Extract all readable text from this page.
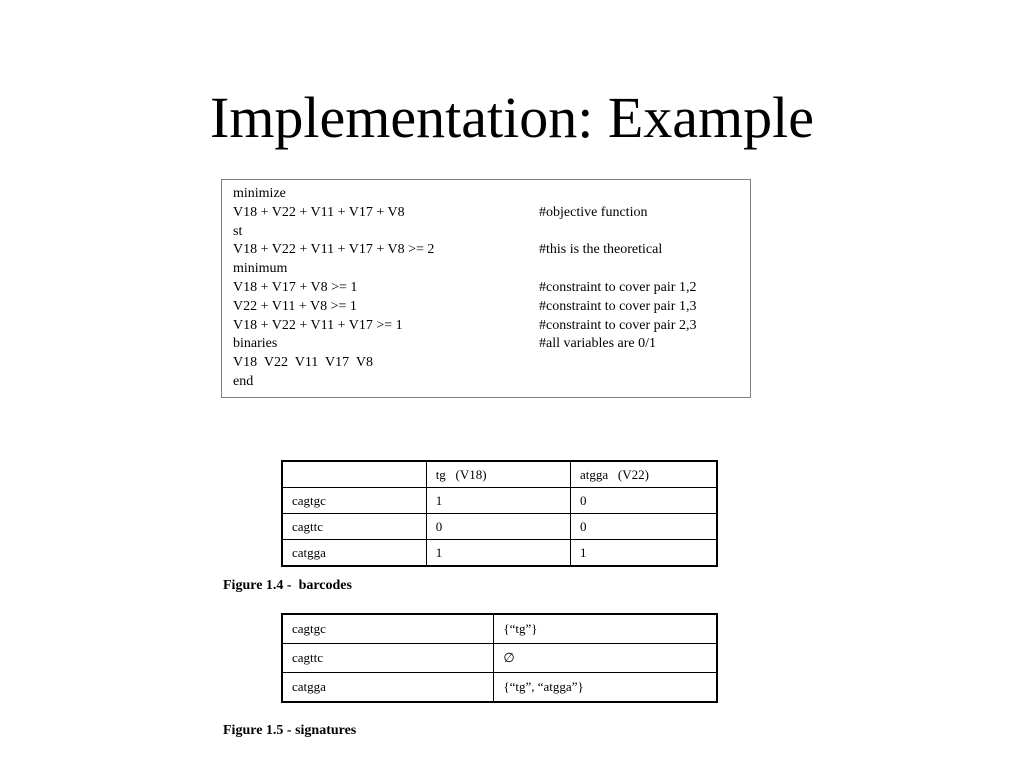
Implementation: Example

minimize

V18 + V22 + V11 + V17 + V8

	#objective function

st

V18 + V22 + V11 + V17 + V8 >= 2

	#this is the theoretical

minimum

V18 + V17 + V8 >= 1

	#constraint to cover pair 1,2

V22 + V11 + V8 >= 1

	#constraint to cover pair 1,3

V18 + V22 + V11 + V17 >= 1

	#constraint to cover pair 2,3

binaries

	#all variables are 0/1

V18  V22  V11  V17  V8

end

	tg   (V18)	atgga   (V22)
cagtgc	1	0
cagttc	0	0
catgga	1	1
Figure 1.4 -  barcodes
cagtgc	{“tg”}
cagttc	∅
catgga	{“tg”, “atgga”}
Figure 1.5 - signatures
